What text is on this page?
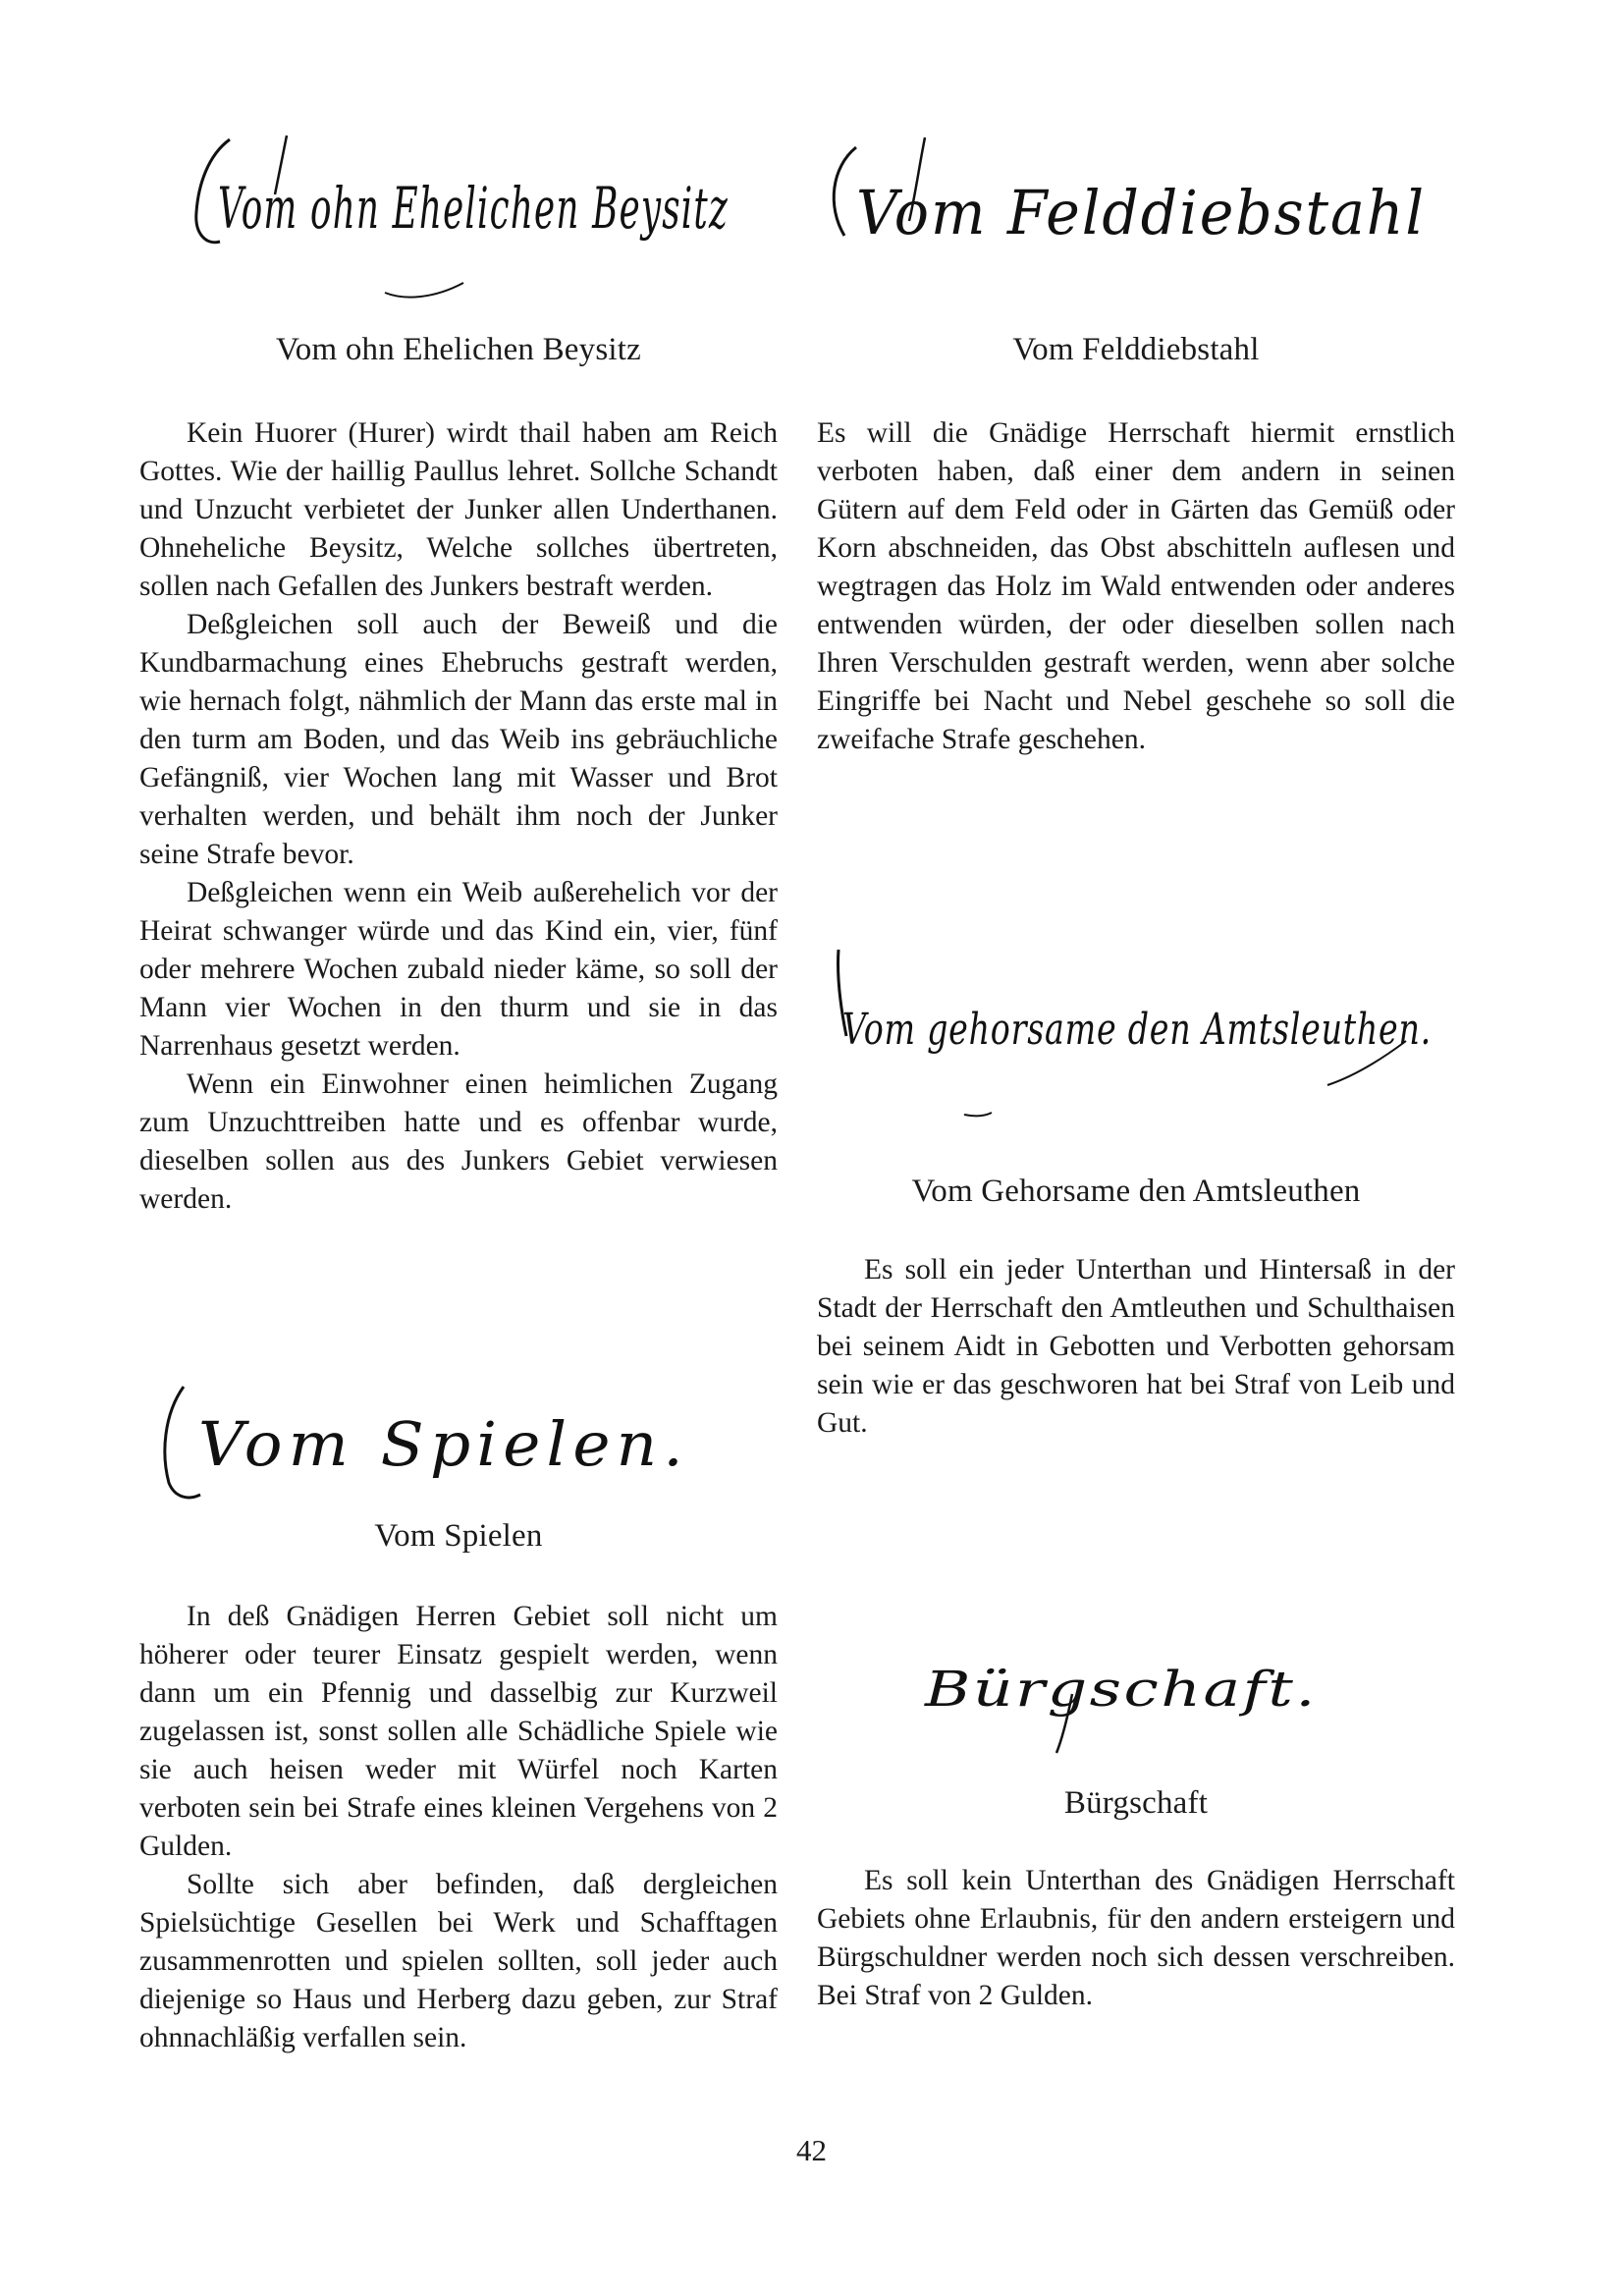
Vom ohn Ehelichen Beysitz
Vom ohn Ehelichen Beysitz

Kein Huorer (Hurer) wirdt thail haben am Reich Gottes. Wie der haillig Paullus lehret. Sollche Schandt und Unzucht verbietet der Junker allen Underthanen. Ohneheliche Beysitz, Welche sollches übertreten, sollen nach Gefallen des Junkers bestraft werden.

Deßgleichen soll auch der Beweiß und die Kundbarmachung eines Ehebruchs gestraft werden, wie hernach folgt, nähmlich der Mann das erste mal in den turm am Boden, und das Weib ins gebräuchliche Gefängniß, vier Wochen lang mit Wasser und Brot verhalten werden, und behält ihm noch der Junker seine Strafe bevor.

Deßgleichen wenn ein Weib außerehelich vor der Heirat schwanger würde und das Kind ein, vier, fünf oder mehrere Wochen zubald nieder käme, so soll der Mann vier Wochen in den thurm und sie in das Narrenhaus gesetzt werden.

Wenn ein Einwohner einen heimlichen Zugang zum Unzuchttreiben hatte und es offenbar wurde, dieselben sollen aus des Junkers Gebiet verwiesen werden.

Vom Spielen.
Vom Spielen

In deß Gnädigen Herren Gebiet soll nicht um höherer oder teurer Einsatz gespielt werden, wenn dann um ein Pfennig und dasselbig zur Kurzweil zugelassen ist, sonst sollen alle Schädliche Spiele wie sie auch heisen weder mit Würfel noch Karten verboten sein bei Strafe eines kleinen Vergehens von 2 Gulden.

Sollte sich aber befinden, daß dergleichen Spielsüchtige Gesellen bei Werk und Schafftagen zusammenrotten und spielen sollten, soll jeder auch diejenige so Haus und Herberg dazu geben, zur Straf ohnnachläßig verfallen sein.

Vom Felddiebstahl
Vom Felddiebstahl

Es will die Gnädige Herrschaft hiermit ernstlich verboten haben, daß einer dem andern in seinen Gütern auf dem Feld oder in Gärten das Gemüß oder Korn abschneiden, das Obst abschitteln auflesen und wegtragen das Holz im Wald entwenden oder anderes entwenden würden, der oder dieselben sollen nach Ihren Verschulden gestraft werden, wenn aber solche Eingriffe bei Nacht und Nebel geschehe so soll die zweifache Strafe geschehen.

Vom gehorsame den Amtsleuthen.
Vom Gehorsame den Amtsleuthen

Es soll ein jeder Unterthan und Hintersaß in der Stadt der Herrschaft den Amtleuthen und Schulthaisen bei seinem Aidt in Gebotten und Verbotten gehorsam sein wie er das geschworen hat bei Straf von Leib und Gut.

Bürgschaft.
Bürgschaft

Es soll kein Unterthan des Gnädigen Herrschaft Gebiets ohne Erlaubnis, für den andern ersteigern und Bürgschuldner werden noch sich dessen verschreiben. Bei Straf von 2 Gulden.

42
